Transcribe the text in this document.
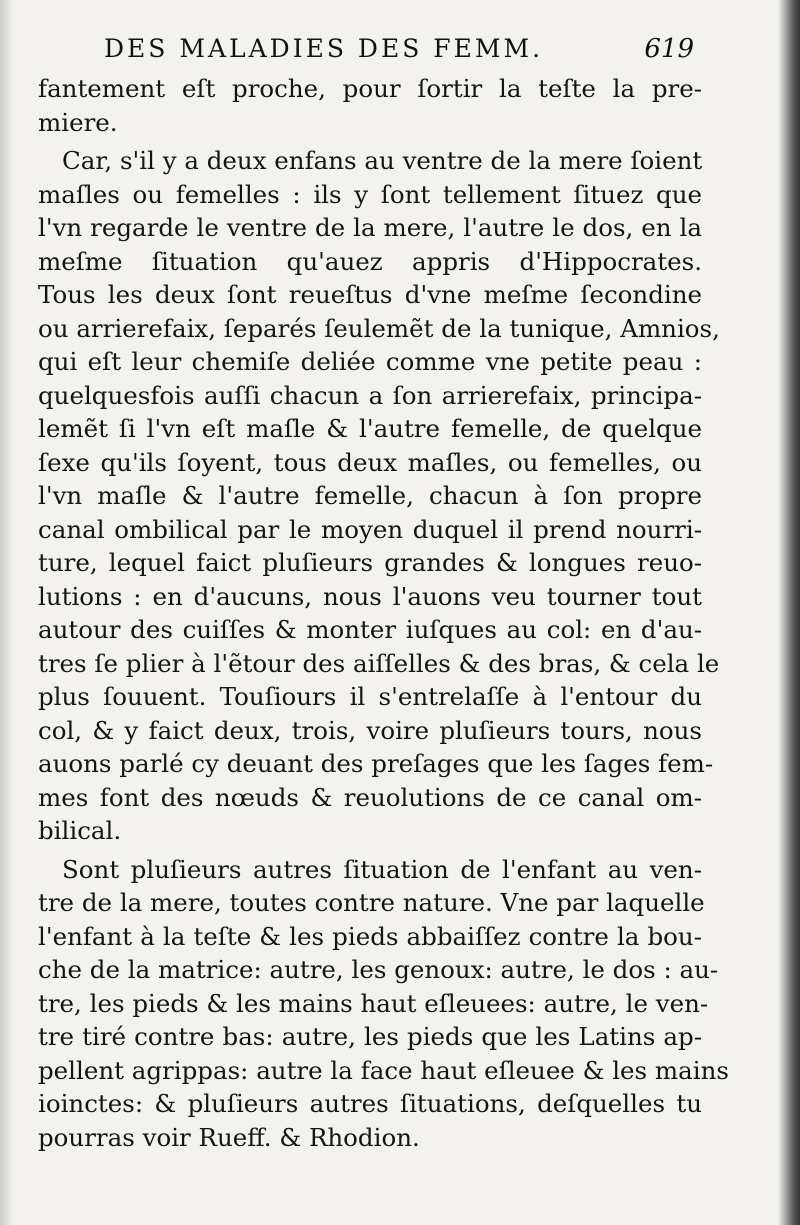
DES MALADIES DES FEMM.	619
fantement eſt proche, pour ſortir la teſte la pre-
miere.
Car, s'il y a deux enfans au ventre de la mere ſoient
maſles ou femelles : ils y ſont tellement ſituez que
l'vn regarde le ventre de la mere, l'autre le dos, en la
meſme ſituation qu'auez appris d'Hippocrates.
Tous les deux ſont reueſtus d'vne meſme ſecondine
ou arrierefaix, ſeparés ſeulemẽt de la tunique, Amnios,
qui eſt leur chemiſe deliée comme vne petite peau :
quelquesfois auſſi chacun a ſon arrierefaix, principa-
lemẽt ſi l'vn eſt maſle & l'autre femelle, de quelque
ſexe qu'ils ſoyent, tous deux maſles, ou femelles, ou
l'vn maſle & l'autre femelle, chacun à ſon propre
canal ombilical par le moyen duquel il prend nourri-
ture, lequel faict pluſieurs grandes & longues reuo-
lutions : en d'aucuns, nous l'auons veu tourner tout
autour des cuiſſes & monter iuſques au col: en d'au-
tres ſe plier à l'ẽtour des aiſſelles & des bras, & cela le
plus ſouuent. Touſiours il s'entrelaſſe à l'entour du
col, & y faict deux, trois, voire pluſieurs tours, nous
auons parlé cy deuant des preſages que les ſages fem-
mes font des nœuds & reuolutions de ce canal om-
bilical.
Sont pluſieurs autres ſituation de l'enfant au ven-
tre de la mere, toutes contre nature. Vne par laquelle
l'enfant à la teſte & les pieds abbaiſſez contre la bou-
che de la matrice: autre, les genoux: autre, le dos : au-
tre, les pieds & les mains haut eſleuees: autre, le ven-
tre tiré contre bas: autre, les pieds que les Latins ap-
pellent agrippas: autre la face haut eſleuee & les mains
ioinctes: & pluſieurs autres ſituations, deſquelles tu
pourras voir Rueff. & Rhodion.
